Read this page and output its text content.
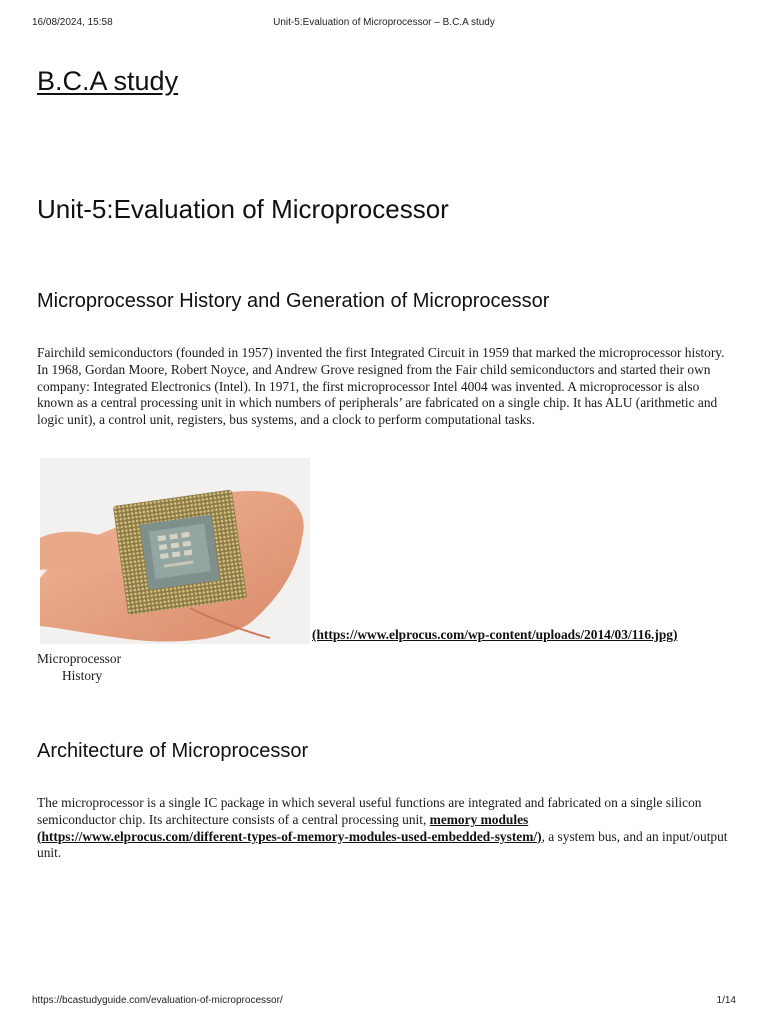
16/08/2024, 15:58	Unit-5:Evaluation of Microprocessor – B.C.A study
B.C.A study
Unit-5:Evaluation of Microprocessor
Microprocessor History and Generation of Microprocessor

Fairchild semiconductors (founded in 1957) invented the first Integrated Circuit in 1959 that marked the microprocessor history. In 1968, Gordan Moore, Robert Noyce, and Andrew Grove resigned from the Fair child semiconductors and started their own company: Integrated Electronics (Intel). In 1971, the first microprocessor Intel 4004 was invented. A microprocessor is also known as a central processing unit in which numbers of peripherals’ are fabricated on a single chip. It has ALU (arithmetic and logic unit), a control unit, registers, bus systems, and a clock to perform computational tasks.

(https://www.elprocus.com/wp-content/uploads/2014/03/116.jpg)
Microprocessor
History
Architecture of Microprocessor

The microprocessor is a single IC package in which several useful functions are integrated and fabricated on a single silicon semiconductor chip. Its architecture consists of a central processing unit, memory modules (https://www.elprocus.com/different-types-of-memory-modules-used-embedded-system/), a system bus, and an input/output unit.

https://bcastudyguide.com/evaluation-of-microprocessor/	1/14
